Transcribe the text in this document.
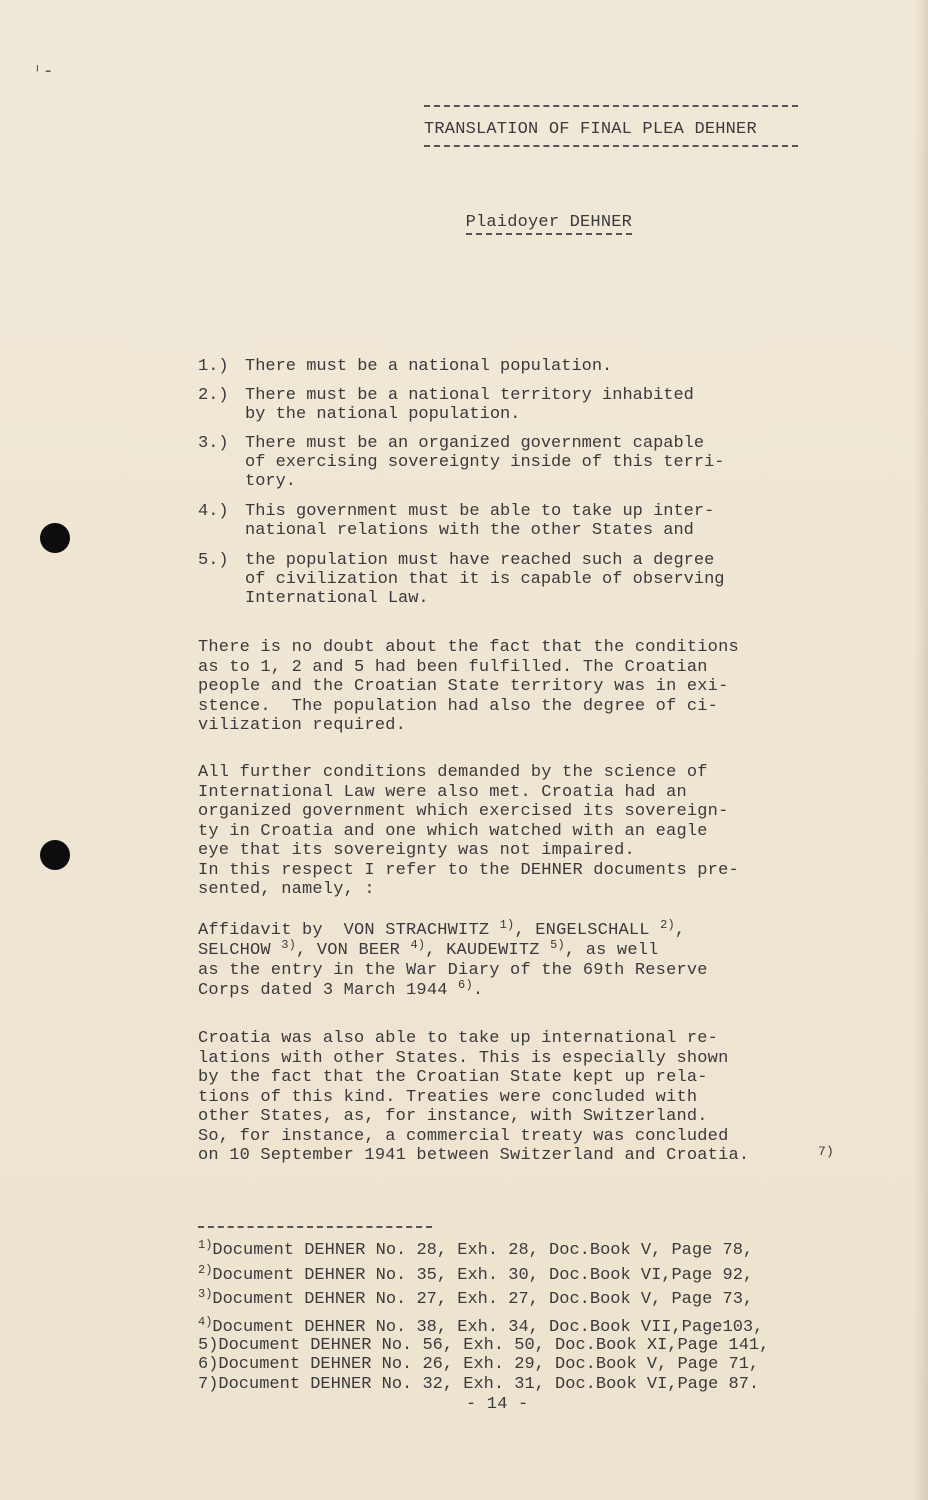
ᶦ‐
TRANSLATION OF FINAL PLEA DEHNER

Plaidoyer DEHNER

1.) There must be a national population.
2.) There must be a national territory inhabited
by the national population.
3.) There must be an organized government capable
of exercising sovereignty inside of this terri-
tory.
4.) This government must be able to take up inter-
national relations with the other States and
5.) the population must have reached such a degree
of civilization that it is capable of observing
International Law.
There is no doubt about the fact that the conditions
as to 1, 2 and 5 had been fulfilled. The Croatian
people and the Croatian State territory was in exi-
stence.  The population had also the degree of ci-
vilization required.
All further conditions demanded by the science of
International Law were also met. Croatia had an
organized government which exercised its sovereign-
ty in Croatia and one which watched with an eagle
eye that its sovereignty was not impaired.
In this respect I refer to the DEHNER documents pre-
sented, namely, :
Affidavit by  VON STRACHWITZ $^{1)}$, ENGELSCHALL $^{2)}$,
SELCHOW $^{3)}$, VON BEER $^{4)}$, KAUDEWITZ $^{5)}$, as well
as the entry in the War Diary of the 69th Reserve
Corps dated 3 March 1944 $^{6)}$.
Croatia was also able to take up international re-
lations with other States. This is especially shown
by the fact that the Croatian State kept up rela-
tions of this kind. Treaties were concluded with
other States, as, for instance, with Switzerland.
So, for instance, a commercial treaty was concluded
on 10 September 1941 between Switzerland and Croatia.	7)
$^{1)}$Document DEHNER No. 28, Exh. 28, Doc.Book V, Page 78,
$^{2)}$Document DEHNER No. 35, Exh. 30, Doc.Book VI,Page 92,
$^{3)}$Document DEHNER No. 27, Exh. 27, Doc.Book V, Page 73,
$^{4)}$Document DEHNER No. 38, Exh. 34, Doc.Book VII,Page103,
5)Document DEHNER No. 56, Exh. 50, Doc.Book XI,Page 141,
6)Document DEHNER No. 26, Exh. 29, Doc.Book V, Page 71,
7)Document DEHNER No. 32, Exh. 31, Doc.Book VI,Page 87.
- 14 -
